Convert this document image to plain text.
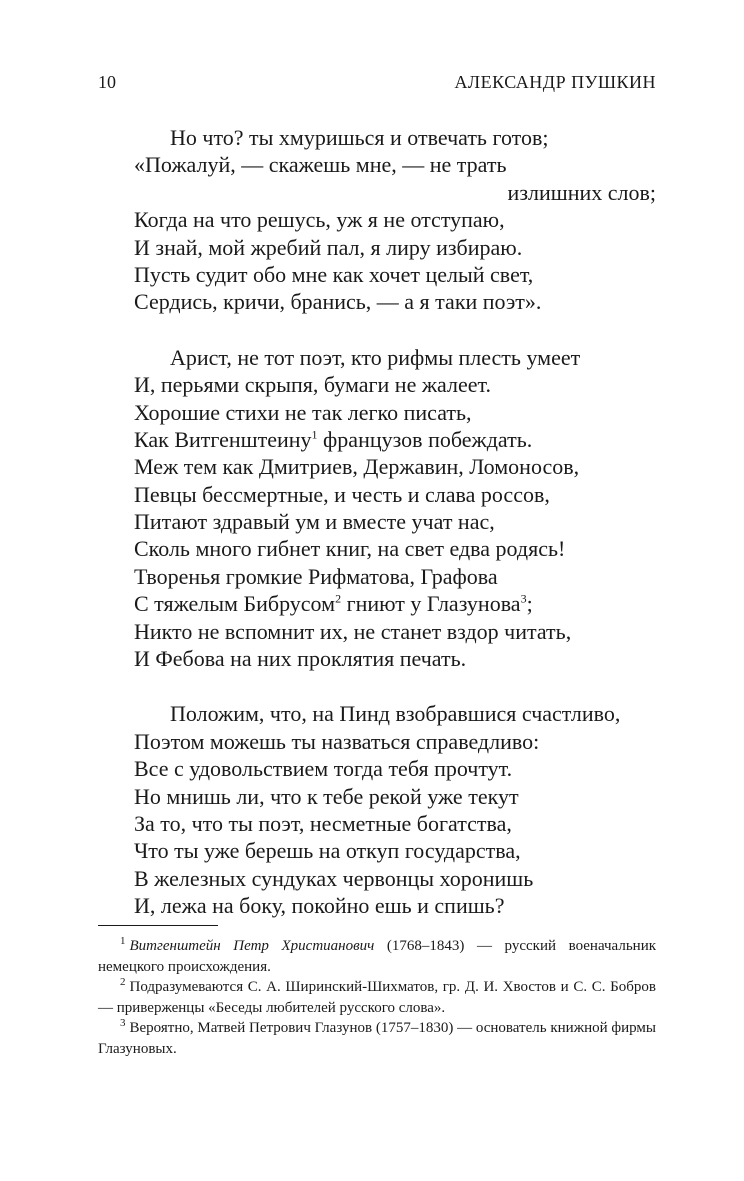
10	АЛЕКСАНДР ПУШКИН
Но что? ты хмуришься и отвечать готов;
«Пожалуй, — скажешь мне, — не трать
излишних слов;
Когда на что решусь, уж я не отступаю,
И знай, мой жребий пал, я лиру избираю.
Пусть судит обо мне как хочет целый свет,
Сердись, кричи, бранись, — а я таки поэт».
Арист, не тот поэт, кто рифмы плесть умеет
И, перьями скрыпя, бумаги не жалеет.
Хорошие стихи не так легко писать,
Как Витгенштеину$^1$ французов побеждать.
Меж тем как Дмитриев, Державин, Ломоносов,
Певцы бессмертные, и честь и слава россов,
Питают здравый ум и вместе учат нас,
Сколь много гибнет книг, на свет едва родясь!
Творенья громкие Рифматова, Графова
С тяжелым Бибрусом$^2$ гниют у Глазунова$^3$;
Никто не вспомнит их, не станет вздор читать,
И Фебова на них проклятия печать.
Положим, что, на Пинд взобравшися счастливо,
Поэтом можешь ты назваться справедливо:
Все с удовольствием тогда тебя прочтут.
Но мнишь ли, что к тебе рекой уже текут
За то, что ты поэт, несметные богатства,
Что ты уже берешь на откуп государства,
В железных сундуках червонцы хоронишь
И, лежа на боку, покойно ешь и спишь?

$^1$ Витгенштейн Петр Христианович (1768–1843) — русский военачальник немецкого происхождения.

$^2$ Подразумеваются С. А. Ширинский-Шихматов, гр. Д. И. Хвостов и С. С. Бобров — приверженцы «Беседы любителей русского слова».

$^3$ Вероятно, Матвей Петрович Глазунов (1757–1830) — основатель книжной фирмы Глазуновых.
